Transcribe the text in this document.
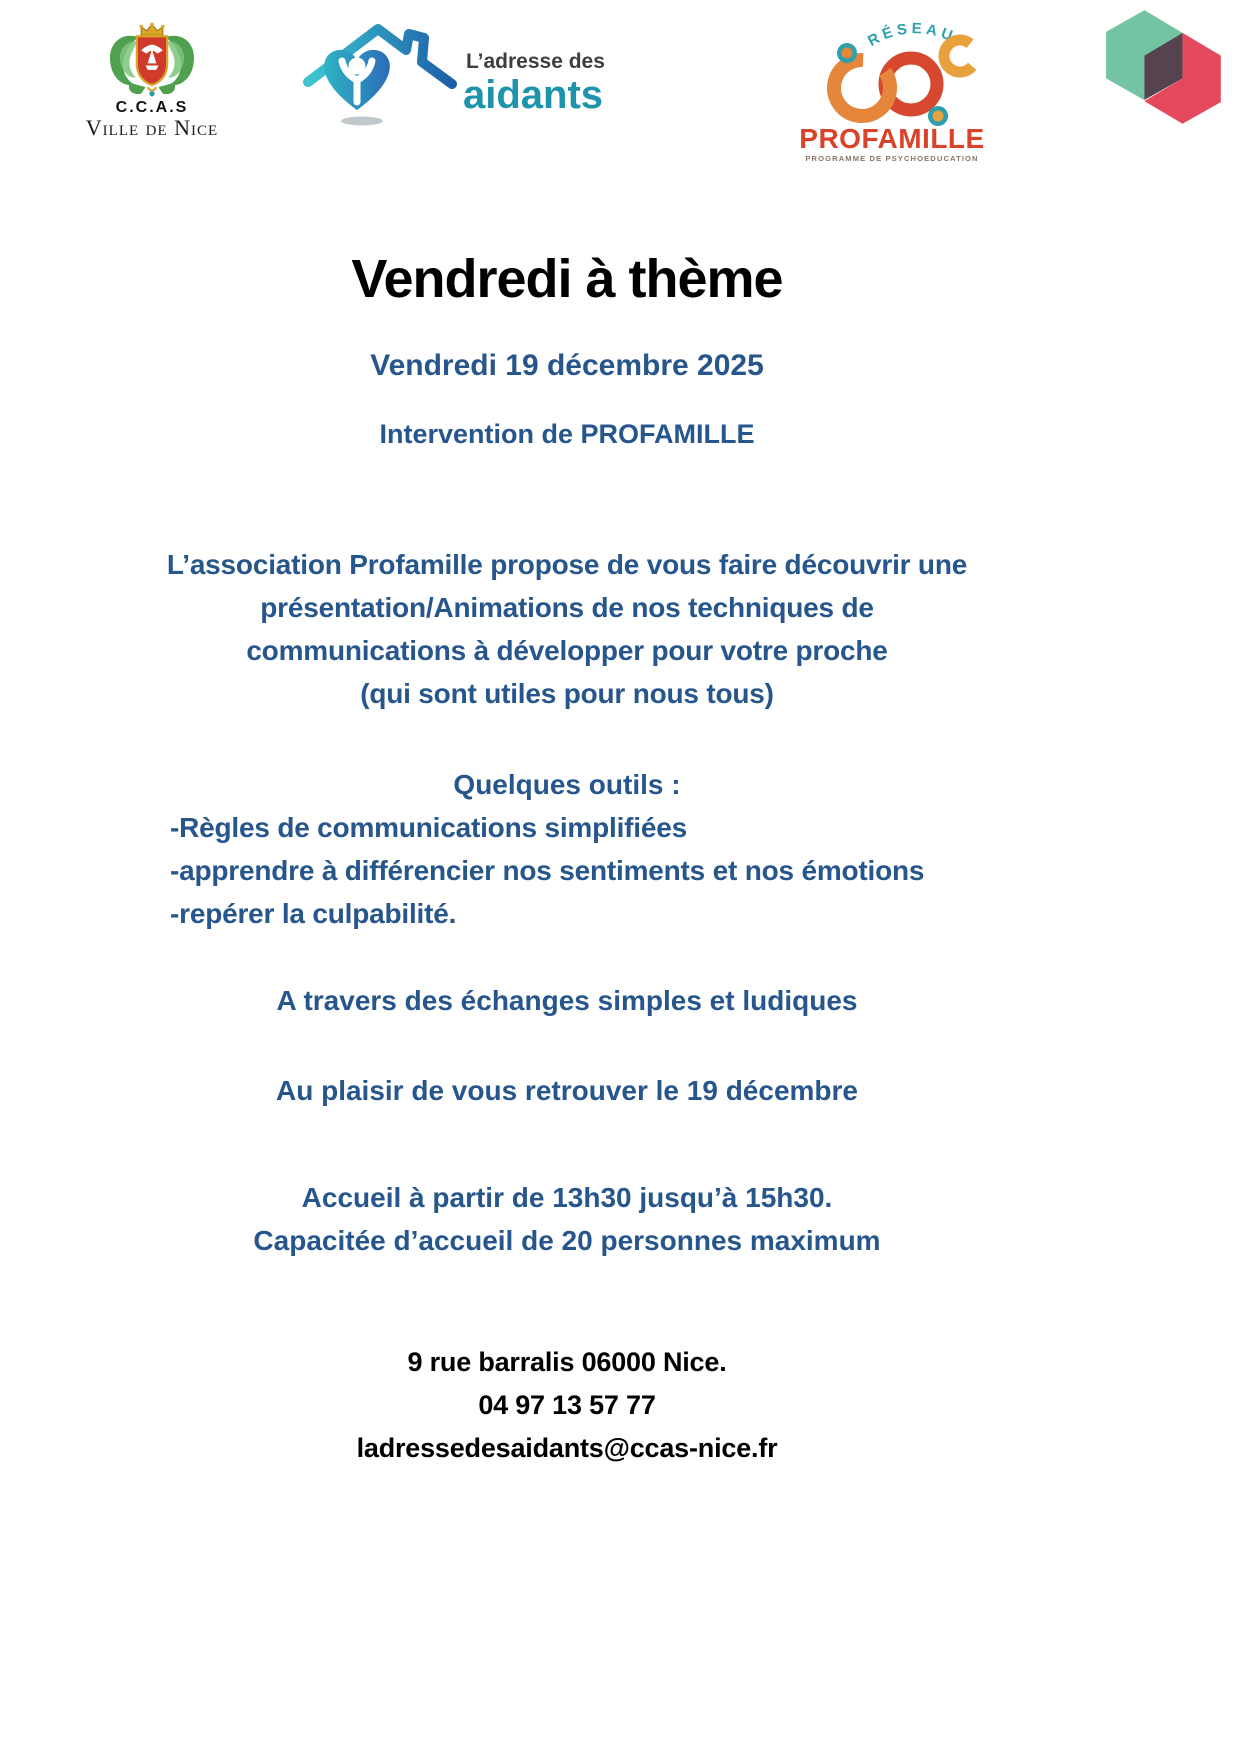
C.C.A.S
Ville de Nice
L’adresse des
aidants
RÉSEAU
PROFAMILLE
PROGRAMME DE PSYCHOEDUCATION
Vendredi à thème
Vendredi 19 décembre 2025
Intervention de PROFAMILLE
L’association Profamille propose de vous faire découvrir une
présentation/Animations de nos techniques de
communications à développer pour votre proche
(qui sont utiles pour nous tous)
Quelques outils :
-Règles de communications simplifiées
-apprendre à différencier nos sentiments et nos émotions
-repérer la culpabilité.
A travers des échanges simples et ludiques
Au plaisir de vous retrouver le 19 décembre
Accueil à partir de 13h30 jusqu’à 15h30.
Capacitée d’accueil de 20 personnes maximum
9 rue barralis 06000 Nice.
04 97 13 57 77
ladressedesaidants@ccas-nice.fr
